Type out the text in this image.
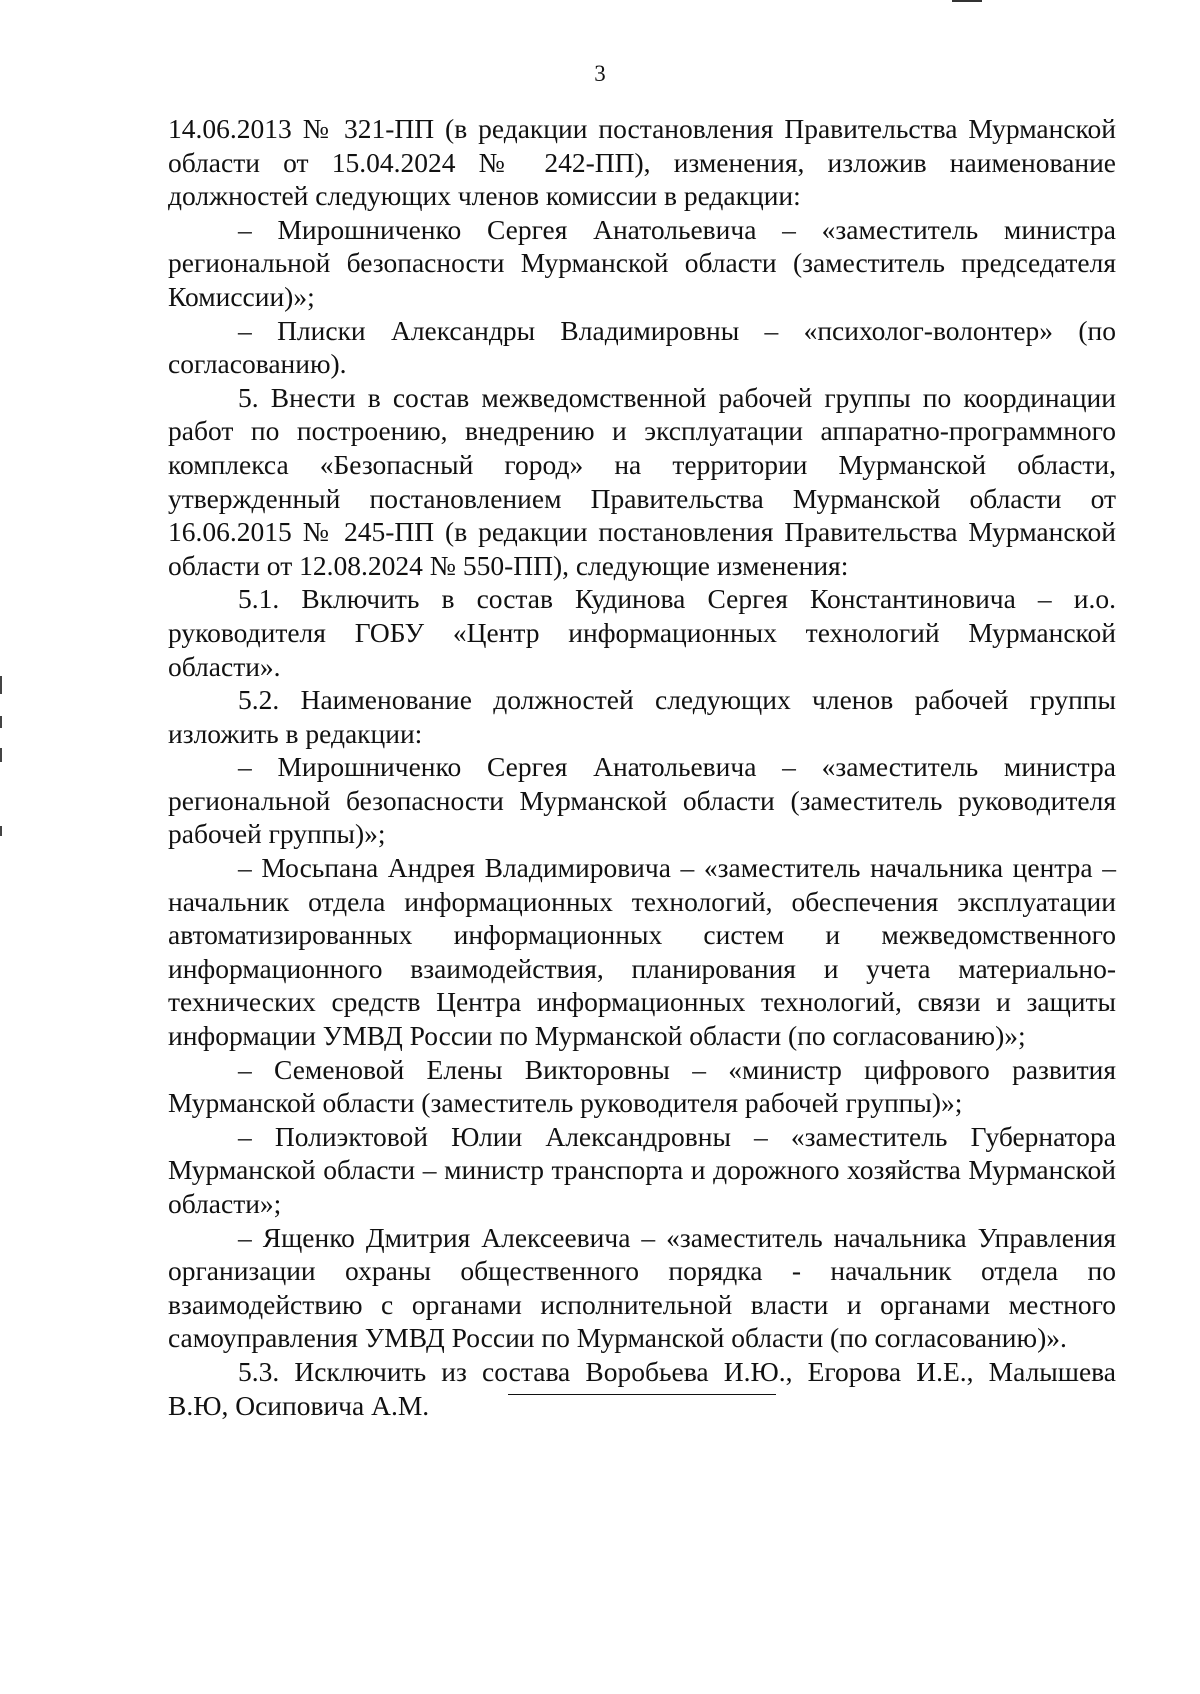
3

14.06.2013 № 321-ПП (в редакции постановления Правительства Мурманской области от 15.04.2024 № 242-ПП), изменения, изложив наименование должностей следующих членов комиссии в редакции:

– Мирошниченко Сергея Анатольевича – «заместитель министра региональной безопасности Мурманской области (заместитель председателя Комиссии)»;

– Плиски Александры Владимировны – «психолог-волонтер» (по согласованию).

5. Внести в состав межведомственной рабочей группы по координации работ по построению, внедрению и эксплуатации аппаратно-программного комплекса «Безопасный город» на территории Мурманской области, утвержденный постановлением Правительства Мурманской области от 16.06.2015 № 245-ПП (в редакции постановления Правительства Мурманской области от 12.08.2024 № 550-ПП), следующие изменения:

5.1. Включить в состав Кудинова Сергея Константиновича – и.о. руководителя ГОБУ «Центр информационных технологий Мурманской области».

5.2. Наименование должностей следующих членов рабочей группы изложить в редакции:

– Мирошниченко Сергея Анатольевича – «заместитель министра региональной безопасности Мурманской области (заместитель руководителя рабочей группы)»;

– Мосьпана Андрея Владимировича – «заместитель начальника центра – начальник отдела информационных технологий, обеспечения эксплуатации автоматизированных информационных систем и межведомственного информационного взаимодействия, планирования и учета материально-технических средств Центра информационных технологий, связи и защиты информации УМВД России по Мурманской области (по согласованию)»;

– Семеновой Елены Викторовны – «министр цифрового развития Мурманской области (заместитель руководителя рабочей группы)»;

– Полиэктовой Юлии Александровны – «заместитель Губернатора Мурманской области – министр транспорта и дорожного хозяйства Мурманской области»;

– Ященко Дмитрия Алексеевича – «заместитель начальника Управления организации охраны общественного порядка - начальник отдела по взаимодействию с органами исполнительной власти и органами местного самоуправления УМВД России по Мурманской области (по согласованию)».

5.3. Исключить из состава Воробьева И.Ю., Егорова И.Е., Малышева В.Ю, Осиповича А.М.
